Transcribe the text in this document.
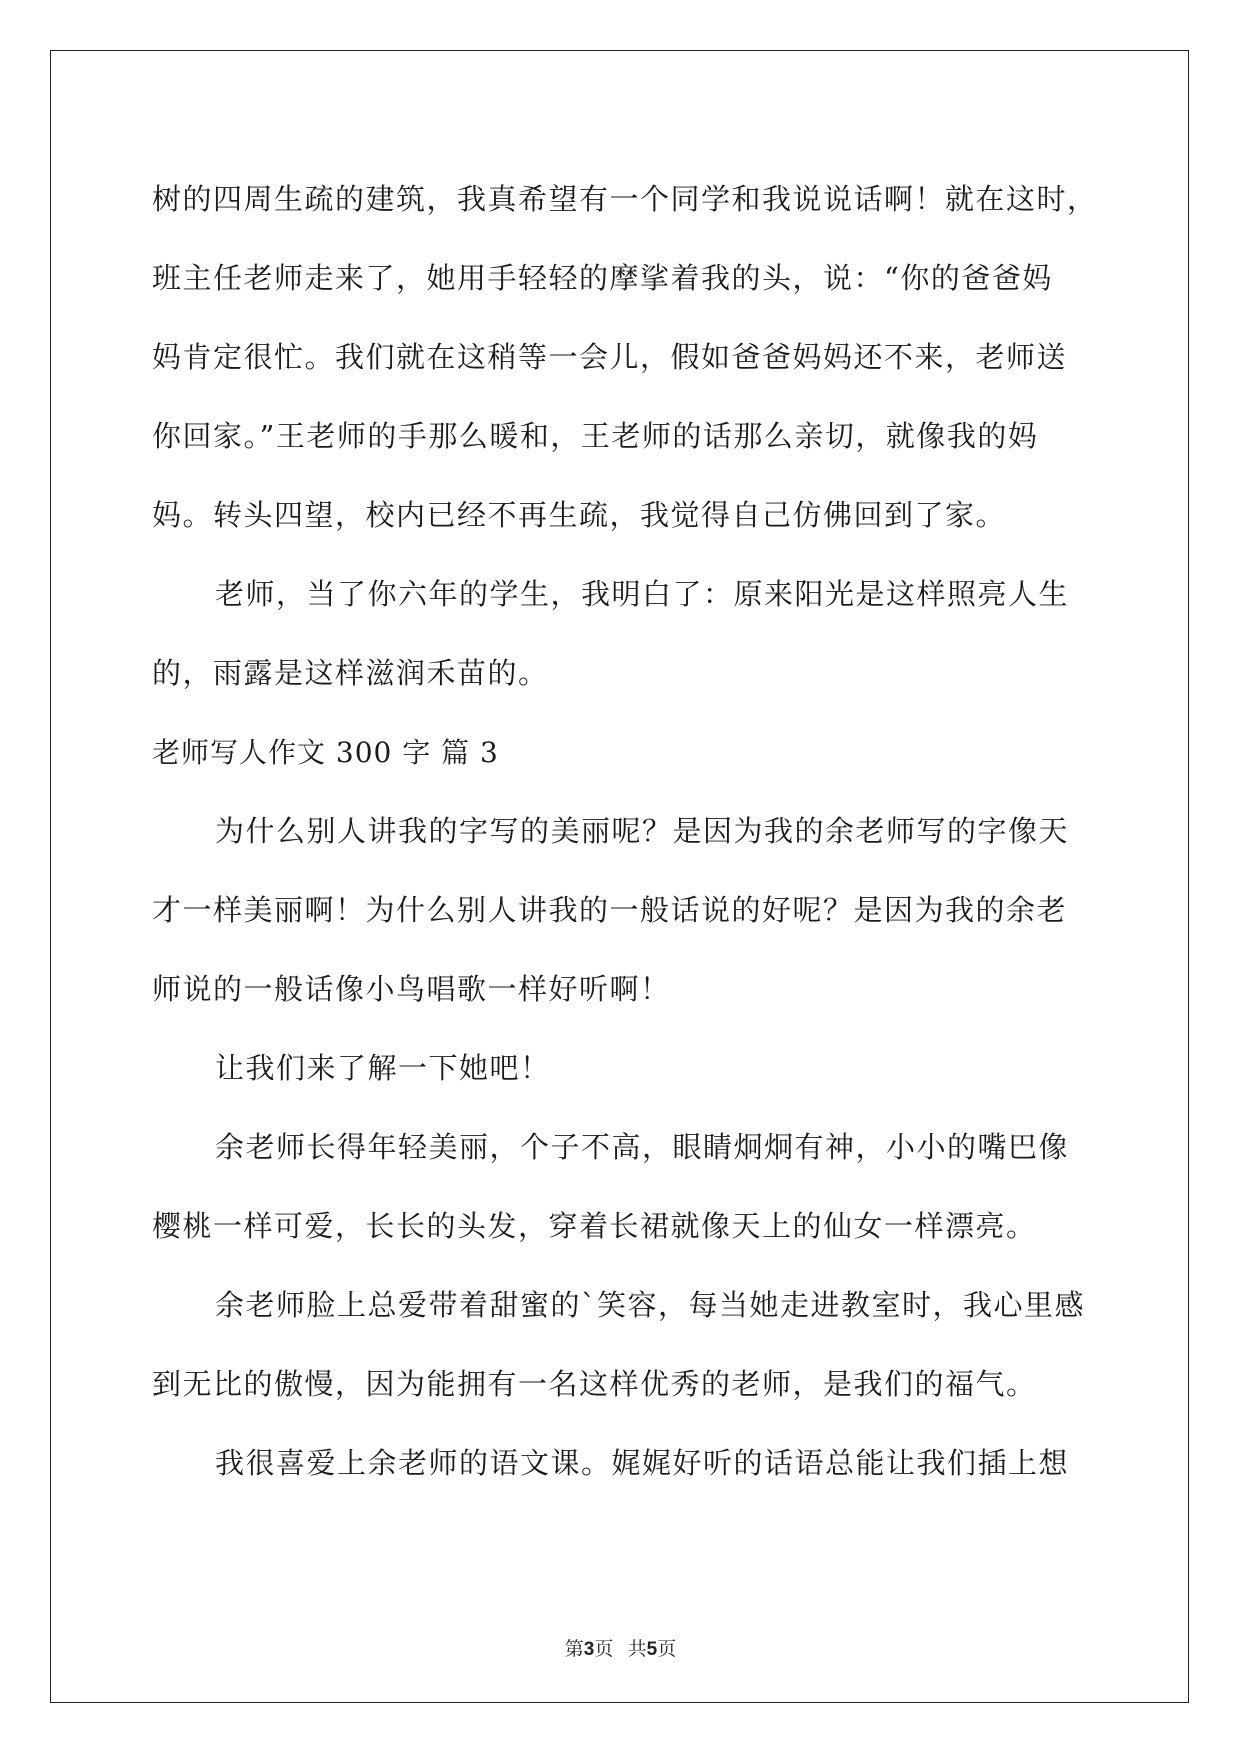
树的四周生疏的建筑，我真希望有一个同学和我说说话啊！就在这时，

班主任老师走来了，她用手轻轻的摩挲着我的头，说：“你的爸爸妈

妈肯定很忙。我们就在这稍等一会儿，假如爸爸妈妈还不来，老师送

你回家。”王老师的手那么暖和，王老师的话那么亲切，就像我的妈

妈。转头四望，校内已经不再生疏，我觉得自己仿佛回到了家。

老师，当了你六年的学生，我明白了：原来阳光是这样照亮人生

的，雨露是这样滋润禾苗的。

老师写人作文 300 字 篇 3

为什么别人讲我的字写的美丽呢？是因为我的余老师写的字像天

才一样美丽啊！为什么别人讲我的一般话说的好呢？是因为我的余老

师说的一般话像小鸟唱歌一样好听啊！

让我们来了解一下她吧！

余老师长得年轻美丽，个子不高，眼睛炯炯有神，小小的嘴巴像

樱桃一样可爱，长长的头发，穿着长裙就像天上的仙女一样漂亮。

余老师脸上总爱带着甜蜜的`笑容，每当她走进教室时，我心里感

到无比的傲慢，因为能拥有一名这样优秀的老师，是我们的福气。

我很喜爱上余老师的语文课。娓娓好听的话语总能让我们插上想

第3页 共5页
